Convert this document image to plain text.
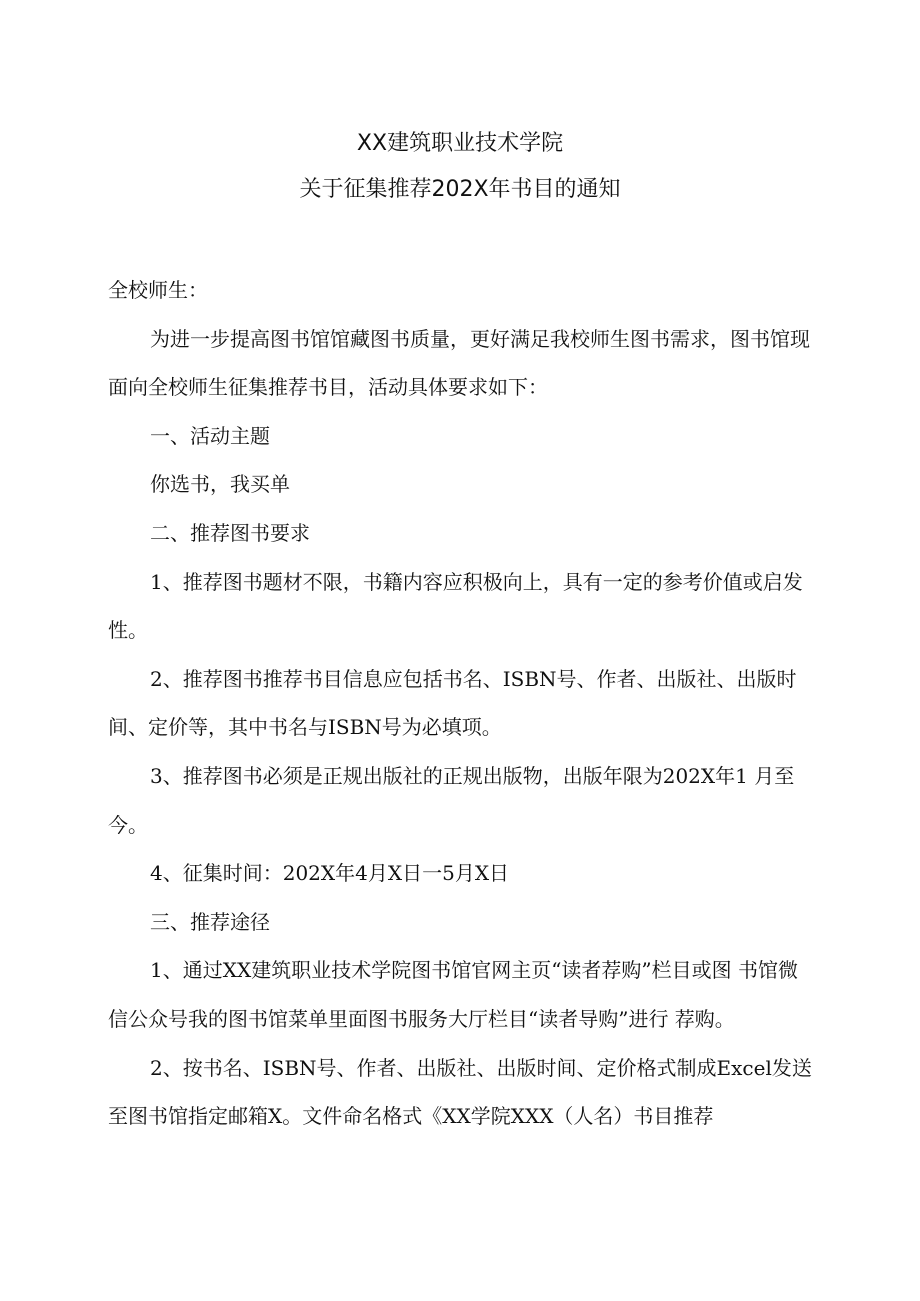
XX建筑职业技术学院
关于征集推荐202X年书目的通知

全校师生：

为进一步提高图书馆馆藏图书质量，更好满足我校师生图书需求，图书馆现面向全校师生征集推荐书目，活动具体要求如下：

一、活动主题

你选书，我买单

二、推荐图书要求

1、推荐图书题材不限，书籍内容应积极向上，具有一定的参考价值或启发性。

2、推荐图书推荐书目信息应包括书名、ISBN号、作者、出版社、出版时间、定价等，其中书名与ISBN号为必填项。

3、推荐图书必须是正规出版社的正规出版物，出版年限为202X年1 月至今。

4、征集时间：202X年4月X日一5月X日

三、推荐途径

1、通过XX建筑职业技术学院图书馆官网主页“读者荐购”栏目或图 书馆微信公众号我的图书馆菜单里面图书服务大厅栏目“读者导购”进行 荐购。

2、按书名、ISBN号、作者、出版社、出版时间、定价格式制成Excel发送至图书馆指定邮箱X。文件命名格式《XX学院XXX（人名）书目推荐
